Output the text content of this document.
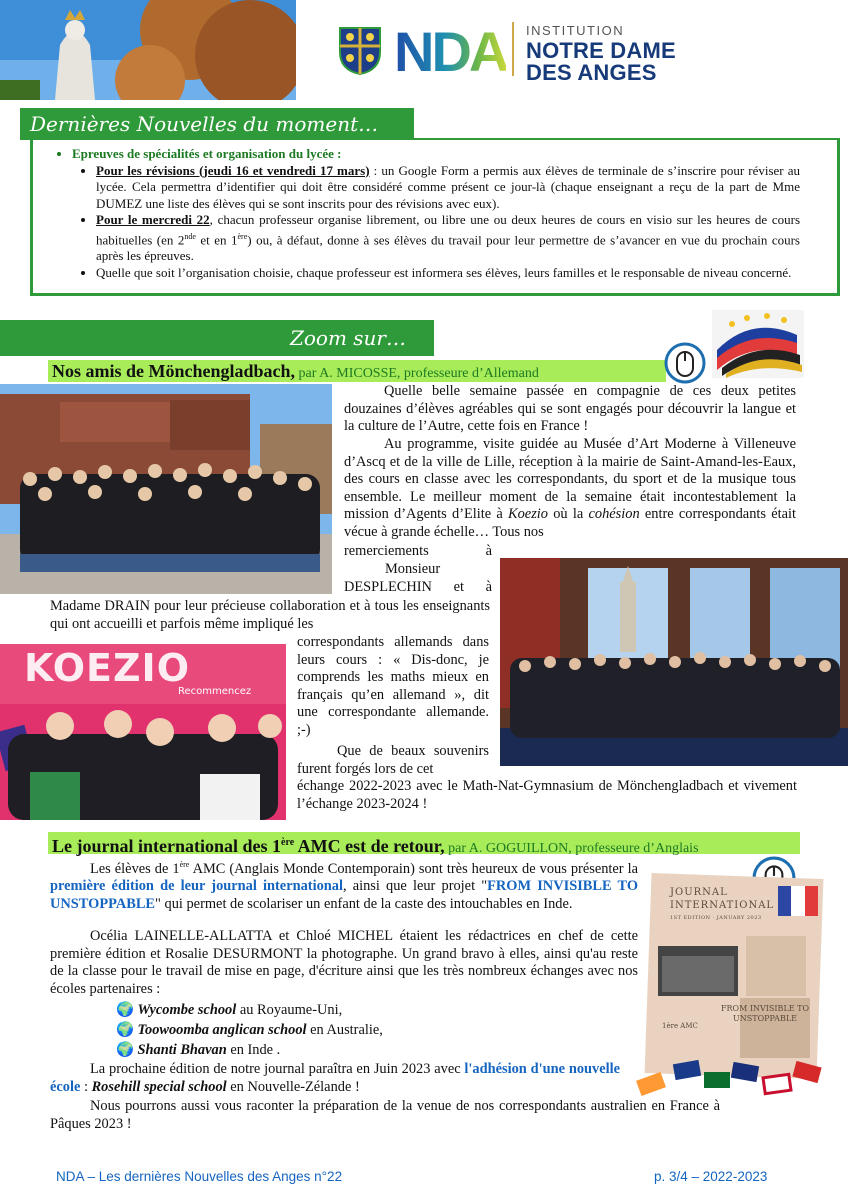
NDA INSTITUTION
NOTRE DAME
DES ANGES
Dernières Nouvelles du moment…
• Epreuves de spécialités et organisation du lycée :
• Pour les révisions (jeudi 16 et vendredi 17 mars) : un Google Form a permis aux élèves de terminale de s’inscrire pour réviser au lycée. Cela permettra d’identifier qui doit être considéré comme présent ce jour-là (chaque enseignant a reçu de la part de Mme DUMEZ une liste des élèves qui se sont inscrits pour des révisions avec eux).
• Pour le mercredi 22, chacun professeur organise librement, ou libre une ou deux heures de cours en visio sur les heures de cours habituelles (en 2nde et en 1ère) ou, à défaut, donne à ses élèves du travail pour leur permettre de s’avancer en vue du prochain cours après les épreuves.
• Quelle que soit l’organisation choisie, chaque professeur est informera ses élèves, leurs familles et le responsable de niveau concerné.
Zoom sur…
Nos amis de Mönchengladbach, par A. MICOSSE, professeure d’Allemand
Quelle belle semaine passée en compagnie de ces deux petites douzaines d’élèves agréables qui se sont engagés pour découvrir la langue et la culture de l’Autre, cette fois en France !
Au programme, visite guidée au Musée d’Art Moderne à Villeneuve d’Ascq et de la ville de Lille, réception à la mairie de Saint-Amand-les-Eaux, des cours en classe avec les correspondants, du sport et de la musique tous ensemble. Le meilleur moment de la semaine était incontestablement la mission d’Agents d’Elite à Koezio où la cohésion entre correspondants était vécue à grande échelle… Tous nos
remerciements à
Monsieur
DESPLECHIN et à
Madame DRAIN pour leur précieuse collaboration et à tous les enseignants qui ont accueilli et parfois même impliqué les
KOEZIO
Recommencez
correspondants allemands dans leurs cours : « Dis-donc, je comprends les maths mieux en français qu’en allemand », dit une correspondante allemande. ;-)
Que de beaux souvenirs furent forgés lors de cet
échange 2022-2023 avec le Math-Nat-Gymnasium de Mönchengladbach et vivement l’échange 2023-2024 !
Le journal international des 1ère AMC est de retour, par A. GOGUILLON, professeure d’Anglais
Les élèves de 1ère AMC (Anglais Monde Contemporain) sont très heureux de vous présenter la première édition de leur journal international, ainsi que leur projet "FROM INVISIBLE TO UNSTOPPABLE" qui permet de scolariser un enfant de la caste des intouchables en Inde.
Océlia LAINELLE-ALLATTA et Chloé MICHEL étaient les rédactrices en chef de cette première édition et Rosalie DESURMONT la photographe. Un grand bravo à elles, ainsi qu'au reste de la classe pour le travail de mise en page, d'écriture ainsi que les très nombreux échanges avec nos écoles partenaires :
🌍 Wycombe school au Royaume-Uni,
🌍 Toowoomba anglican school en Australie,
🌍 Shanti Bhavan en Inde .
La prochaine édition de notre journal paraîtra en Juin 2023 avec l'adhésion d'une nouvelle école : Rosehill special school en Nouvelle-Zélande !
Nous pourrons aussi vous raconter la préparation de la venue de nos correspondants australien en France à Pâques 2023 !
JOURNAL
INTERNATIONAL
1ST EDITION · JANUARY 2023
FROM INVISIBLE TO
UNSTOPPABLE
1ère AMC
NDA – Les dernières Nouvelles des Anges n°22	p. 3/4 – 2022-2023
